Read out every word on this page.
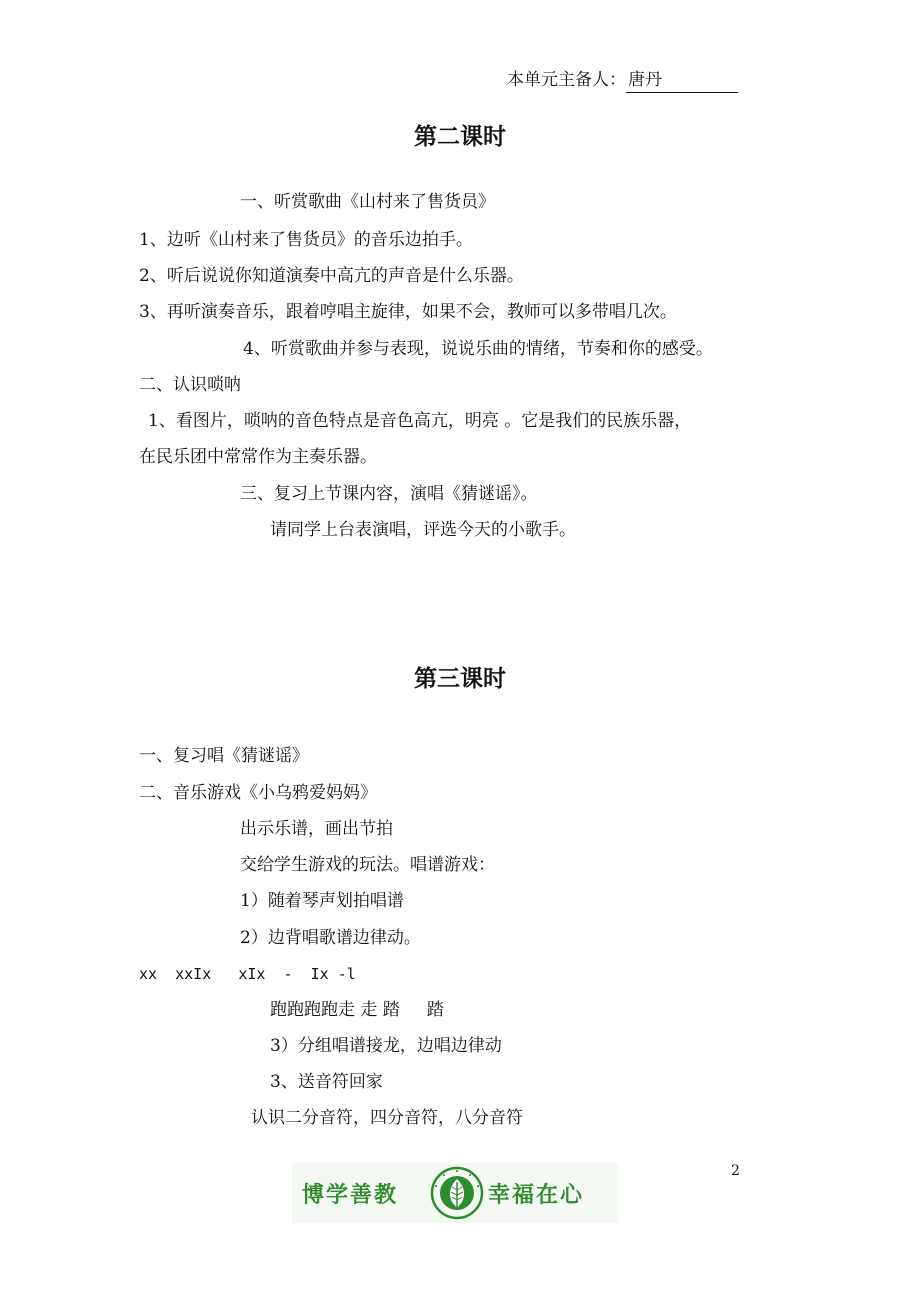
本单元主备人： 唐丹
第二课时
一、听赏歌曲《山村来了售货员》
1、边听《山村来了售货员》的音乐边拍手。
2、听后说说你知道演奏中高亢的声音是什么乐器。
3、再听演奏音乐，跟着哼唱主旋律，如果不会，教师可以多带唱几次。
4、听赏歌曲并参与表现，说说乐曲的情绪，节奏和你的感受。
二、认识唢呐
1、看图片，唢呐的音色特点是音色高亢，明亮 。它是我们的民族乐器，
在民乐团中常常作为主奏乐器。
三、复习上节课内容，演唱《猜谜谣》。
请同学上台表演唱，评选今天的小歌手。
第三课时
一、复习唱《猜谜谣》
二、音乐游戏《小乌鸦爱妈妈》
出示乐谱，画出节拍
交给学生游戏的玩法。唱谱游戏：
1）随着琴声划拍唱谱
2）边背唱歌谱边律动。
xx  xxIx   xIx  -  Ix -l
跑跑跑跑走 走 踏     踏
3）分组唱谱接龙，边唱边律动
3、送音符回家
认识二分音符，四分音符，八分音符
2
博学善教	幸福在心
